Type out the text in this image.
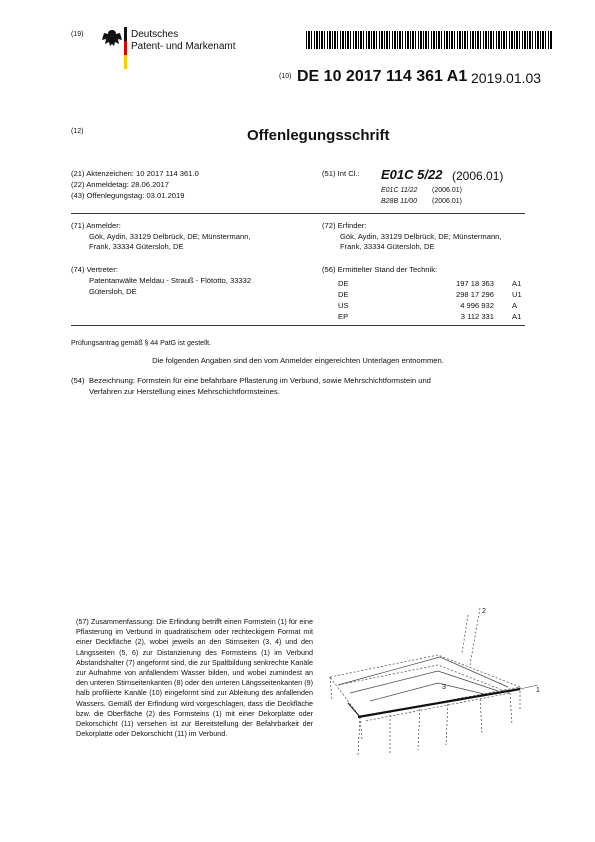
(19)	Deutsches
Patent- und Markenamt
(10) DE 10 2017 114 361 A1 2019.01.03
(12)	Offenlegungsschrift
(21) Aktenzeichen: 10 2017 114 361.0
(22) Anmeldetag: 28.06.2017
(43) Offenlegungstag: 03.01.2019
(51) Int Cl.: E01C 5/22 (2006.01)
E01C 11/22 (2006.01)
B28B 11/00 (2006.01)
(71) Anmelder:
Gök, Aydin, 33129 Delbrück, DE; Münstermann,
Frank, 33334 Gütersloh, DE
(72) Erfinder:
Gök, Aydin, 33129 Delbrück, DE; Münstermann,
Frank, 33334 Gütersloh, DE
(74) Vertreter:
Patentanwälte Meldau - Strauß - Flötotto, 33332
Gütersloh, DE
(56) Ermittelter Stand der Technik:
DE	197 18 363 A1
DE	298 17 296 U1
US	4 996 932 A
EP	3 112 331 A1
Prüfungsantrag gemäß § 44 PatG ist gestellt.
Die folgenden Angaben sind den vom Anmelder eingereichten Unterlagen entnommen.
(54) Bezeichnung: Formstein für eine befahrbare Pflasterung im Verbund, sowie Mehrschichtformstein und
Verfahren zur Herstellung eines Mehrschichtformsteines.
(57) Zusammenfassung: Die Erfindung betrifft einen Formstein (1) für eine Pflasterung im Verbund in quadratischem oder rechteckigem Format mit einer Deckfläche (2), wobei jeweils an den Stirnseiten (3, 4) und den Längsseiten (5, 6) zur Distanzierung des Formsteins (1) im Verbund Abstandshalter (7) angeformt sind, die zur Spaltbildung senkrechte Kanäle zur Aufnahme von anfallendem Wasser bilden, und wobei zumindest an den unteren Stirnseitenkanten (8) oder den unteren Längsseitenkanten (9) halb profilierte Kanäle (10) eingeformt sind zur Ableitung des anfallenden Wassers. Gemäß der Erfindung wird vorgeschlagen, dass die Deckfläche bzw. die Oberfläche (2) des Formsteins (1) mit einer Dekorplatte oder Dekorschicht (11) versehen ist zur Bereitstellung der Befahrbarkeit der Dekorplatte oder Dekorschicht (11) im Verbund.
2
1
3
